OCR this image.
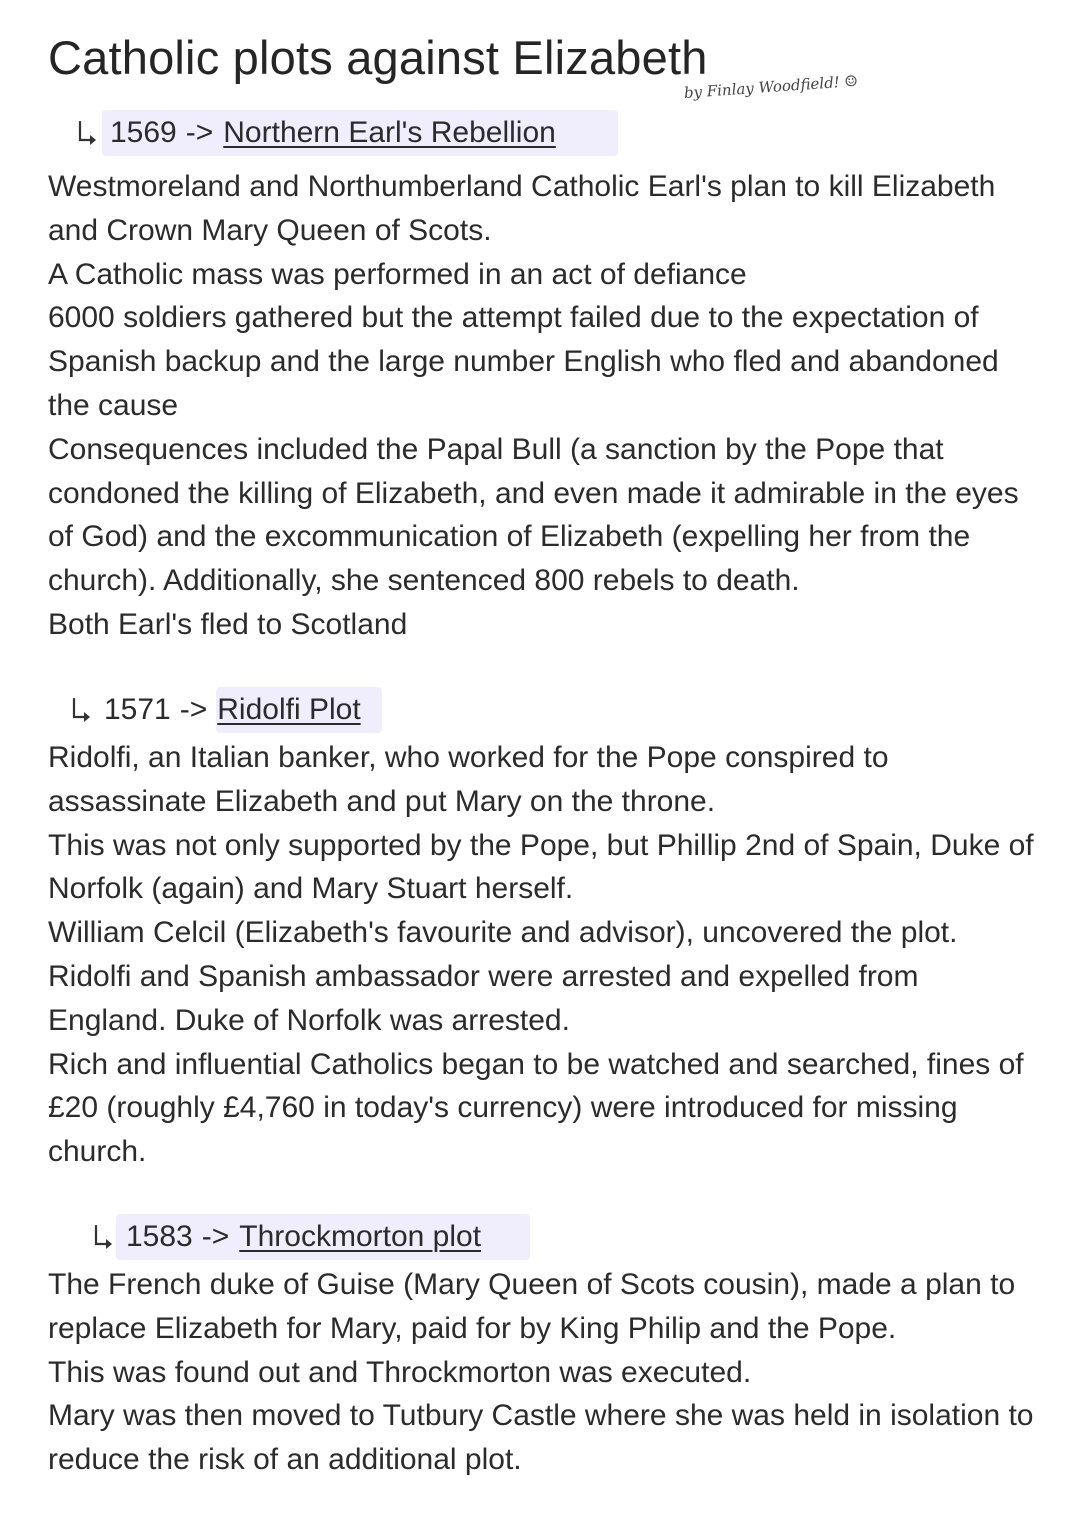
Catholic plots against Elizabeth
by Finlay Woodfield! ☺
1569 -> Northern Earl's Rebellion

Westmoreland and Northumberland Catholic Earl's plan to kill Elizabeth and Crown Mary Queen of Scots.

A Catholic mass was performed in an act of defiance

6000 soldiers gathered but the attempt failed due to the expectation of Spanish backup and the large number English who fled and abandoned the cause

Consequences included the Papal Bull (a sanction by the Pope that condoned the killing of Elizabeth, and even made it admirable in the eyes of God) and the excommunication of Elizabeth (expelling her from the church). Additionally, she sentenced 800 rebels to death.

Both Earl's fled to Scotland

1571 -> Ridolfi Plot

Ridolfi, an Italian banker, who worked for the Pope conspired to assassinate Elizabeth and put Mary on the throne.

This was not only supported by the Pope, but Phillip 2nd of Spain, Duke of Norfolk (again) and Mary Stuart herself.

William Celcil (Elizabeth's favourite and advisor), uncovered the plot.

Ridolfi and Spanish ambassador were arrested and expelled from England. Duke of Norfolk was arrested.

Rich and influential Catholics began to be watched and searched, fines of £20 (roughly £4,760 in today's currency) were introduced for missing church.

1583 -> Throckmorton plot

The French duke of Guise (Mary Queen of Scots cousin), made a plan to replace Elizabeth for Mary, paid for by King Philip and the Pope.

This was found out and Throckmorton was executed.

Mary was then moved to Tutbury Castle where she was held in isolation to reduce the risk of an additional plot.
